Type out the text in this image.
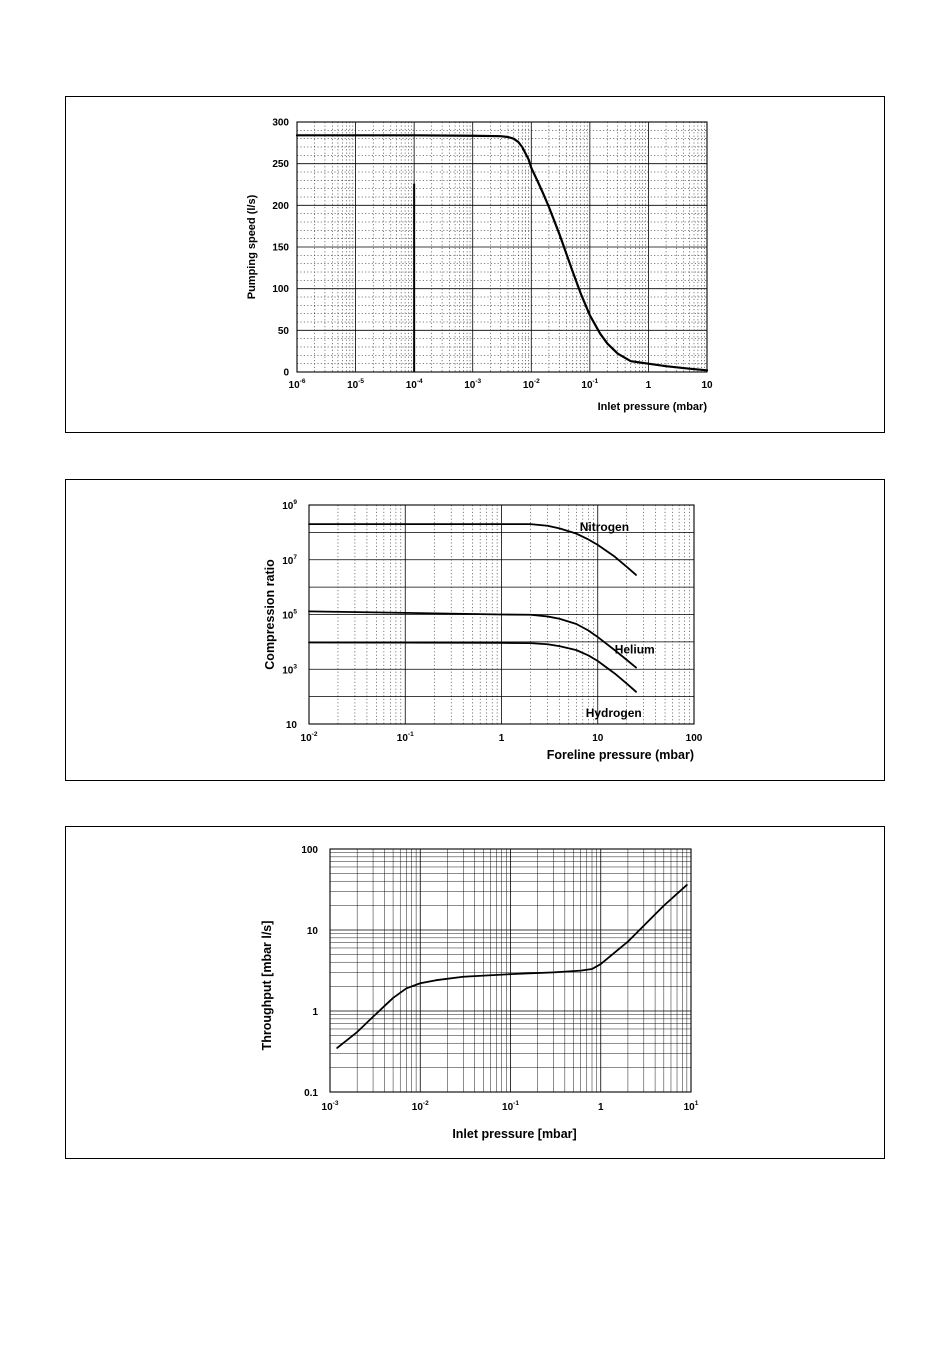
0
50
100
150
200
250
300
$10^{-6}$	$10^{-5}$	$10^{-4}$	$10^{-3}$	$10^{-2}$	$10^{-1}$	1	10
Inlet pressure (mbar)
Pumping speed (l/s)
$10^{-2}$	$10^{-1}$	1	10	100
10
$10^3$
$10^5$
$10^7$
$10^9$
Nitrogen
Helium
Hydrogen
Foreline pressure (mbar)
Compression ratio
$10^{-3}$	$10^{-2}$	$10^{-1}$	1	$10^1$
0.1
1
10
100
Inlet pressure [mbar]
Throughput [mbar l/s]
